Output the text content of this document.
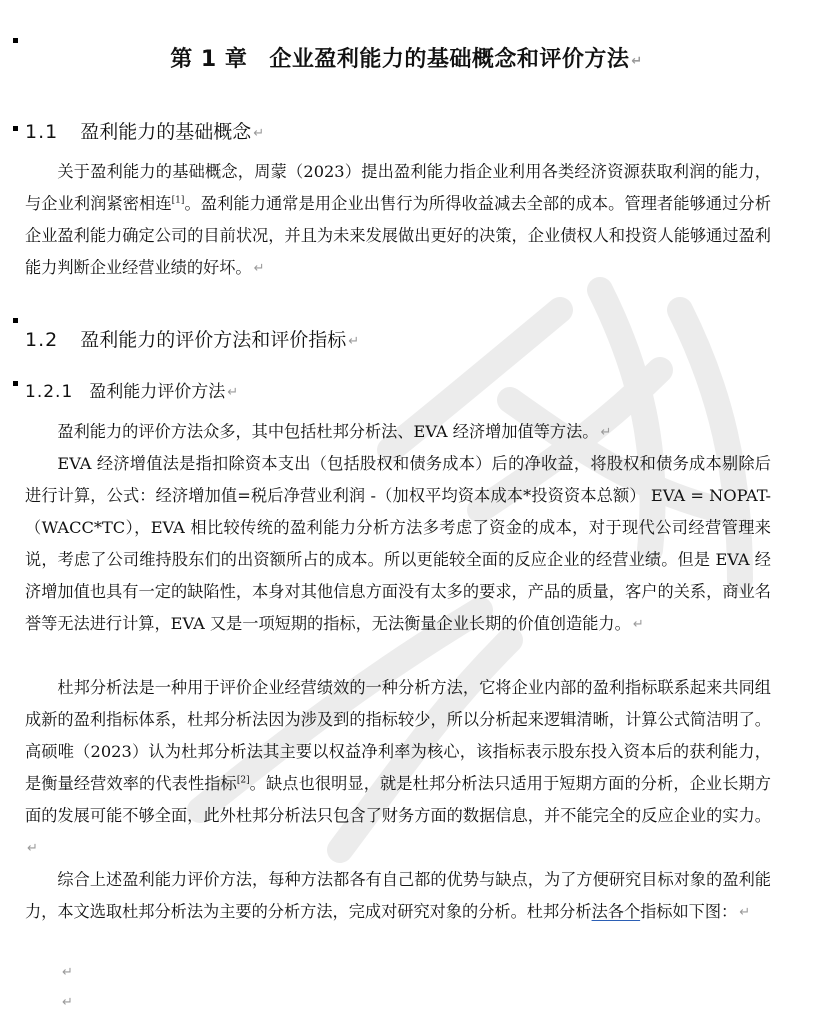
第 1 章 企业盈利能力的基础概念和评价方法 ↵
1.1 盈利能力的基础概念 ↵

关于盈利能力的基础概念，周蒙（2023）提出盈利能力指企业利用各类经济资源获取利润的能力，与企业利润紧密相连[1]。盈利能力通常是用企业出售行为所得收益减去全部的成本。管理者能够通过分析企业盈利能力确定公司的目前状况，并且为未来发展做出更好的决策，企业债权人和投资人能够通过盈利能力判断企业经营业绩的好坏。 ↵

1.2 盈利能力的评价方法和评价指标 ↵
1.2.1 盈利能力评价方法 ↵

盈利能力的评价方法众多，其中包括杜邦分析法、EVA 经济增加值等方法。 ↵

EVA 经济增值法是指扣除资本支出（包括股权和债务成本）后的净收益，将股权和债务成本剔除后进行计算，公式：经济增加值=税后净营业利润 -（加权平均资本成本*投资资本总额） EVA = NOPAT-（WACC*TC），EVA 相比较传统的盈利能力分析方法多考虑了资金的成本，对于现代公司经营管理来说，考虑了公司维持股东们的出资额所占的成本。所以更能较全面的反应企业的经营业绩。但是 EVA 经济增加值也具有一定的缺陷性，本身对其他信息方面没有太多的要求，产品的质量，客户的关系，商业名誉等无法进行计算，EVA 又是一项短期的指标，无法衡量企业长期的价值创造能力。 ↵

杜邦分析法是一种用于评价企业经营绩效的一种分析方法，它将企业内部的盈利指标联系起来共同组成新的盈利指标体系，杜邦分析法因为涉及到的指标较少，所以分析起来逻辑清晰，计算公式简洁明了。高硕唯（2023）认为杜邦分析法其主要以权益净利率为核心，该指标表示股东投入资本后的获利能力，是衡量经营效率的代表性指标[2]。缺点也很明显，就是杜邦分析法只适用于短期方面的分析，企业长期方面的发展可能不够全面，此外杜邦分析法只包含了财务方面的数据信息，并不能完全的反应企业的实力。↵

综合上述盈利能力评价方法，每种方法都各有自己都的优势与缺点，为了方便研究目标对象的盈利能力，本文选取杜邦分析法为主要的分析方法，完成对研究对象的分析。杜邦分析法各个指标如下图： ↵

↵
↵
